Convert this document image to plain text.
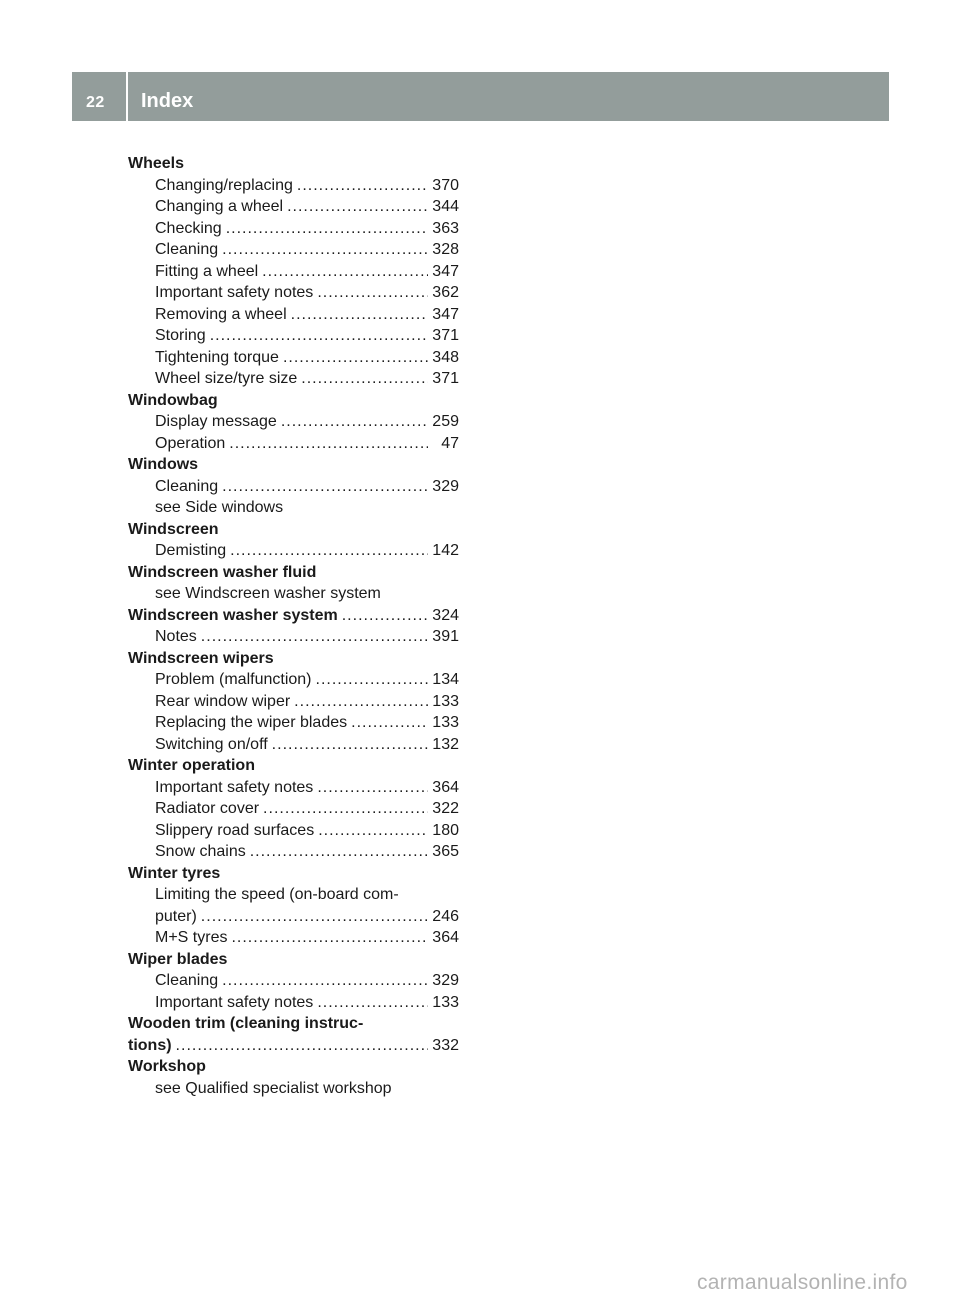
22	Index
Wheels
Changing/replacing .....	370
Changing a wheel .....	344
Checking .....	363
Cleaning .....	328
Fitting a wheel .....	347
Important safety notes .....	362
Removing a wheel .....	347
Storing .....	371
Tightening torque .....	348
Wheel size/tyre size .....	371
Windowbag
Display message .....	259
Operation .....	47
Windows
Cleaning .....	329
see Side windows
Windscreen
Demisting .....	142
Windscreen washer fluid
see Windscreen washer system
Windscreen washer system .....	324
Notes .....	391
Windscreen wipers
Problem (malfunction) .....	134
Rear window wiper .....	133
Replacing the wiper blades .....	133
Switching on/off .....	132
Winter operation
Important safety notes .....	364
Radiator cover .....	322
Slippery road surfaces .....	180
Snow chains .....	365
Winter tyres
Limiting the speed (on-board com-
puter) .....	246
M+S tyres .....	364
Wiper blades
Cleaning .....	329
Important safety notes .....	133
Wooden trim (cleaning instruc-
tions) .....	332
Workshop
see Qualified specialist workshop
carmanualsonline.info
